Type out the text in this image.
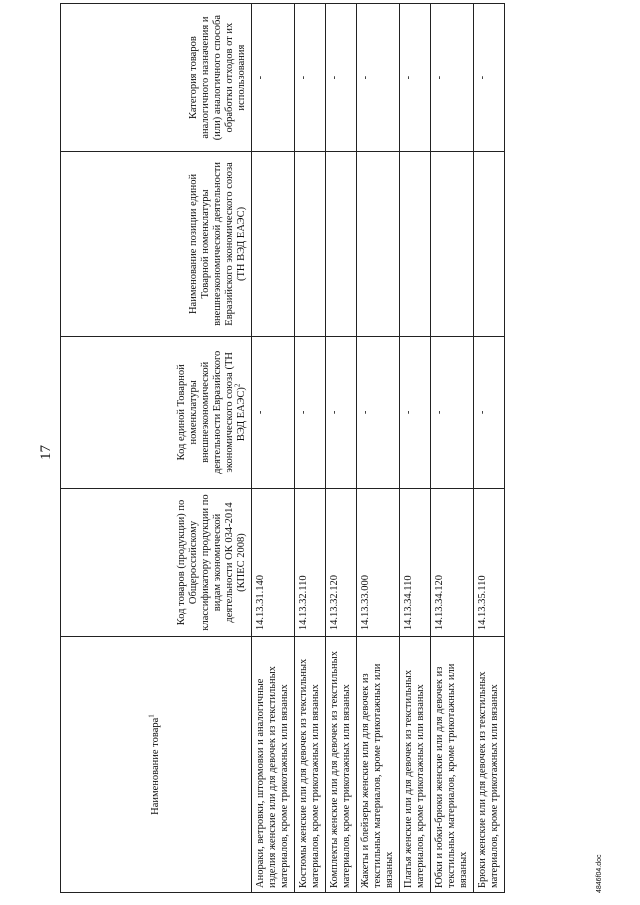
17
Наименование товара$^1$	Код товаров (продукции) по Общероссийскому классификатору продукции по видам экономической деятельности ОК 034-2014 (КПЕС 2008)	Код единой Товарной номенклатуры внешнеэкономической деятельности Евразийского экономического союза (ТН ВЭД ЕАЭС)$^2$	Наименование позиции единой Товарной номенклатуры внешнеэкономической деятельности Евразийского экономического союза (ТН ВЭД ЕАЭС)	Категория товаров аналогичного назначения и (или) аналогичного способа обработки отходов от их использования
Анораки, ветровки, штормовки и аналогичные изделия женские или для девочек из текстильных материалов, кроме трикотажных или вязаных	14.13.31.140	-		-
Костюмы женские или для девочек из текстильных материалов, кроме трикотажных или вязаных	14.13.32.110	-		-
Комплекты женские или для девочек из текстильных материалов, кроме трикотажных или вязаных	14.13.32.120	-		-
Жакеты и блейзеры женские или для девочек из текстильных материалов, кроме трикотажных или вязаных	14.13.33.000	-		-
Платья женские или для девочек из текстильных материалов, кроме трикотажных или вязаных	14.13.34.110	-		-
Юбки и юбки-брюки женские или для девочек из текстильных материалов, кроме трикотажных или вязаных	14.13.34.120	-		-
Брюки женские или для девочек из текстильных материалов, кроме трикотажных или вязаных	14.13.35.110	-		-
4846f04.doc
